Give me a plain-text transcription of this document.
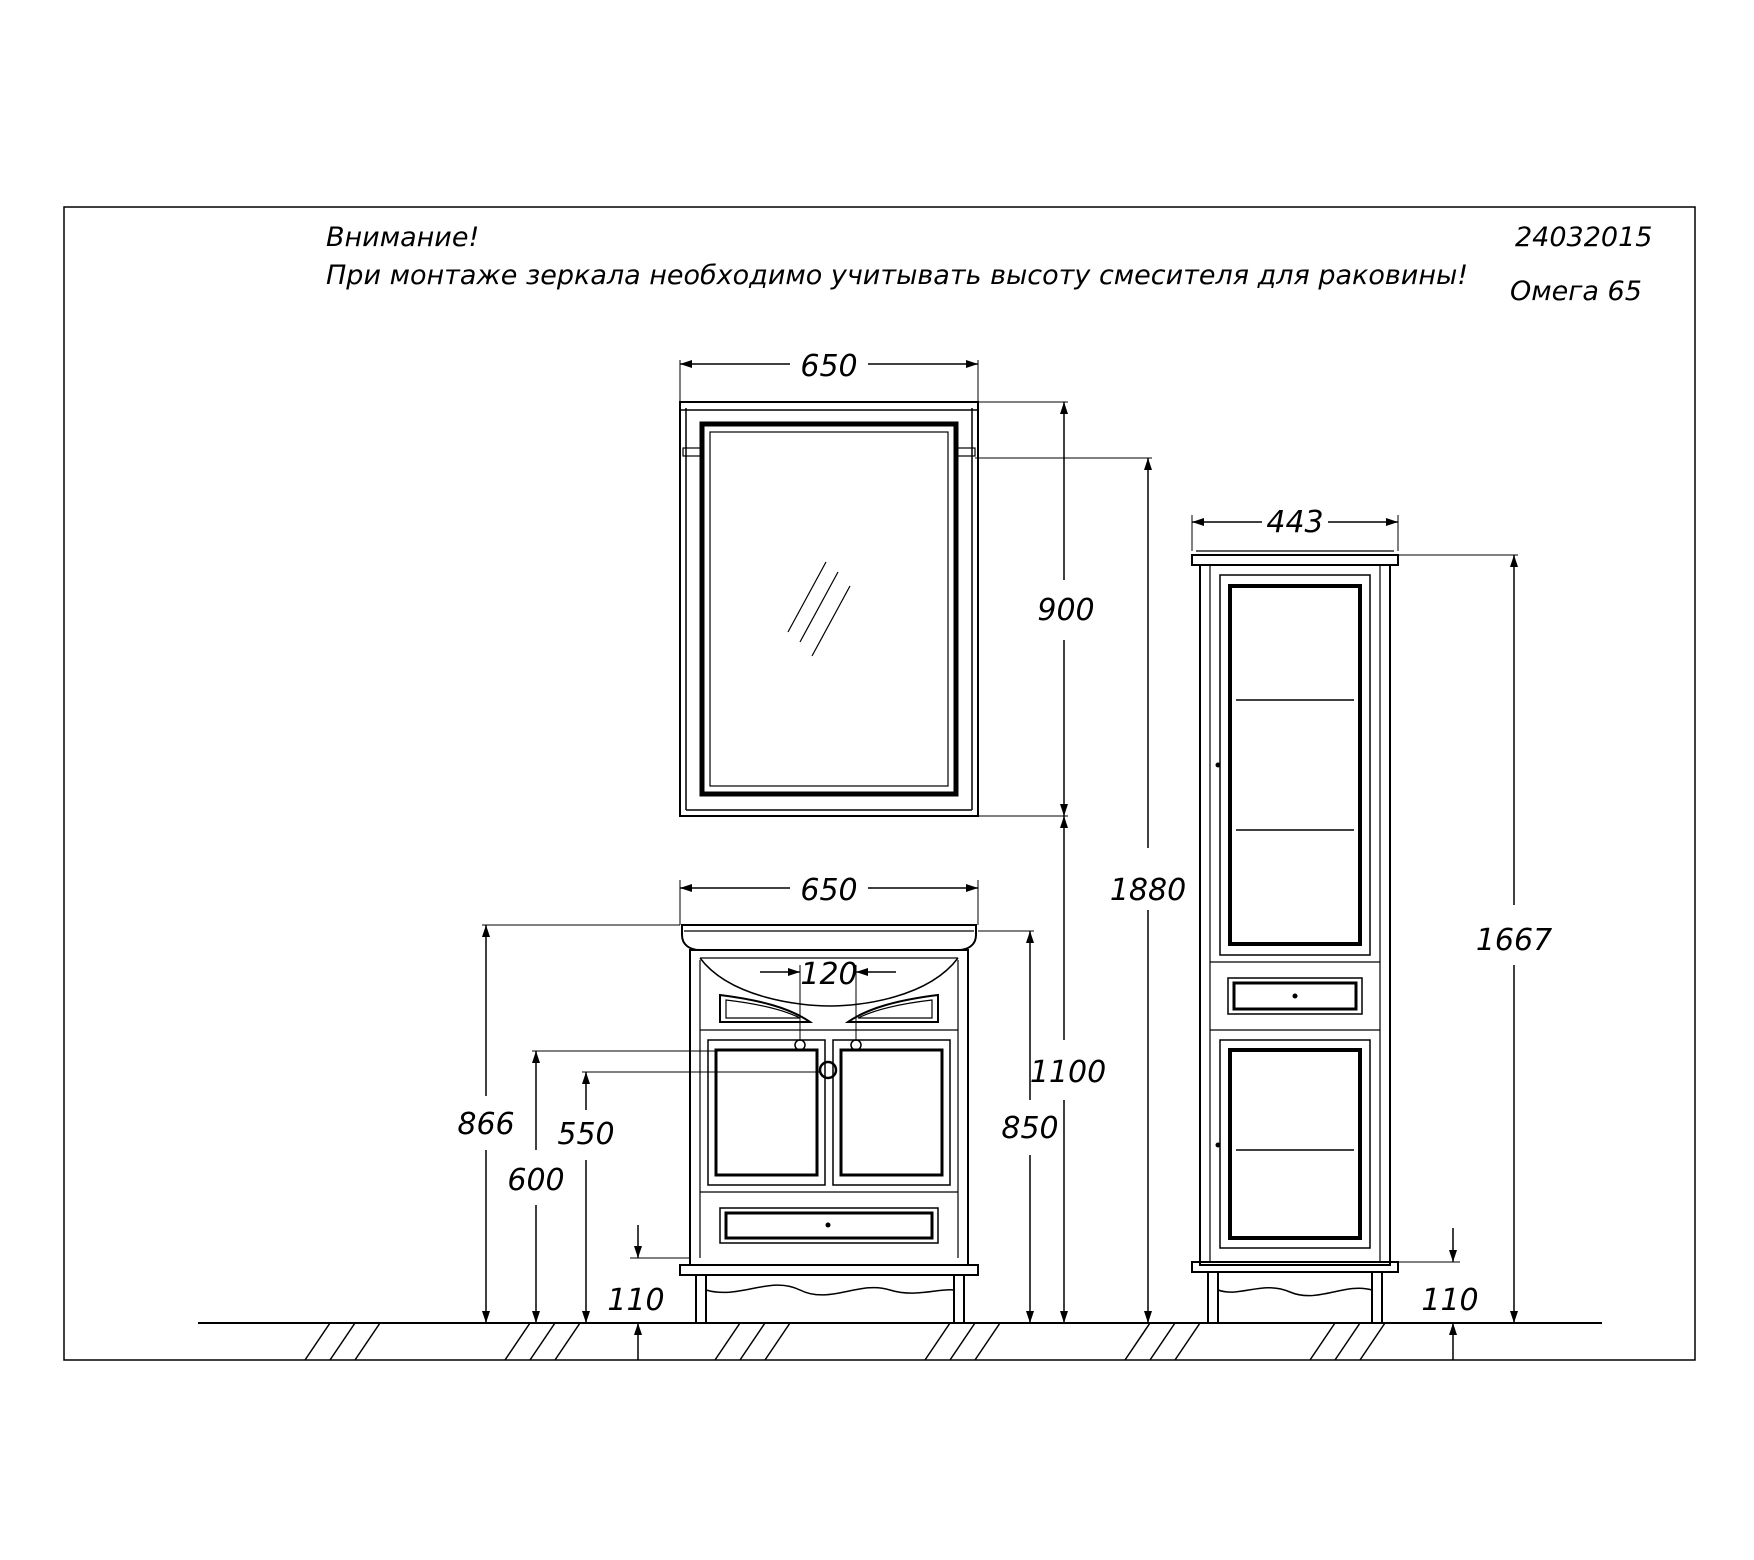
Внимание!
При монтаже зеркала необходимо учитывать высоту смесителя для раковины!
24032015
Омега 65
650
900
1880
1100
650
120
866
600
550
110
850
443
1667
110
